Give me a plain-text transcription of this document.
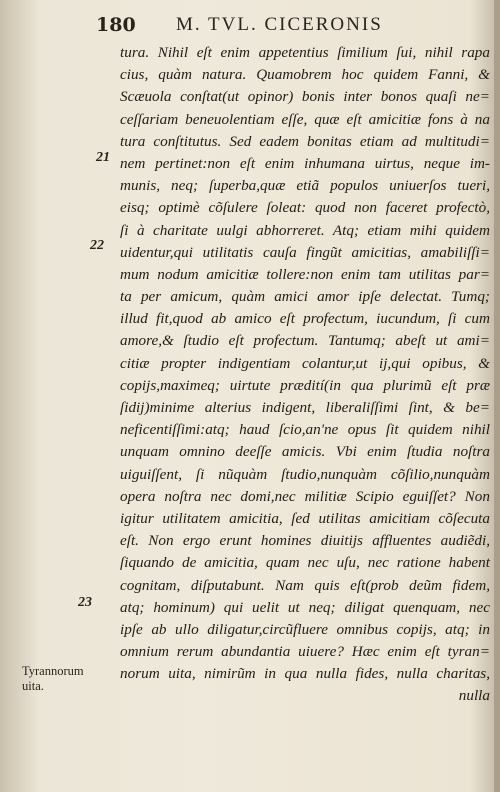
180 M. TVL. CICERONIS
tura. Nihil eſt enim appetentius ſimilium ſui, nihil rapa
cius, quàm natura. Quamobrem hoc quidem Fanni, &
Scæuola conſtat(ut opinor) bonis inter bonos quaſi ne=
ceſſariam beneuolentiam eſſe, quæ eſt amicitiæ fons à na
tura conſtitutus. Sed eadem bonitas etiam ad multitudi=
nem pertinet:non eſt enim inhumana uirtus, neque im-
munis, neq; ſuperba,quæ etiã populos uniuerſos tueri,
eisq; optimè cõſulere ſoleat: quod non faceret profectò,
ſi à charitate uulgi abhorreret. Atq; etiam mihi quidem
uidentur,qui utilitatis cauſa fingũt amicitias, amabiliſſi=
mum nodum amicitiæ tollere:non enim tam utilitas par=
ta per amicum, quàm amici amor ipſe delectat. Tumq;
illud fit,quod ab amico eſt profectum, iucundum, ſi cum
amore,& ſtudio eſt profectum. Tantumq; abeſt ut ami=
citiæ propter indigentiam colantur,ut ij,qui opibus, &
copijs,maximeq; uirtute prædití(in qua plurimũ eſt præ
ſidij)minime alterius indigent, liberaliſſimi ſint, & be=
neficentiſſimi:atq; haud ſcio,an'ne opus ſit quidem nihil
unquam omnino deeſſe amicis. Vbi enim ſtudia noſtra
uiguiſſent, ſi nũquàm ſtudio,nunquàm cõſilio,nunquàm
opera noſtra nec domi,nec militiæ Scipio eguiſſet? Non
igitur utilitatem amicitia, ſed utilitas amicitiam cõſecuta
eſt. Non ergo erunt homines diuitijs affluentes audiẽdi,
ſiquando de amicitia, quam nec uſu, nec ratione habent
cognitam, diſputabunt. Nam quis eſt(prob deũm fidem,
atq; hominum) qui uelit ut neq; diligat quenquam, nec
ipſe ab ullo diligatur,circũfluere omnibus copijs, atq; in
omnium rerum abundantia uiuere? Hæc enim eſt tyran=
norum uita, nimirũm in qua nulla fides, nulla charitas,
nulla
21
22
23
Tyrannorum
uita.
